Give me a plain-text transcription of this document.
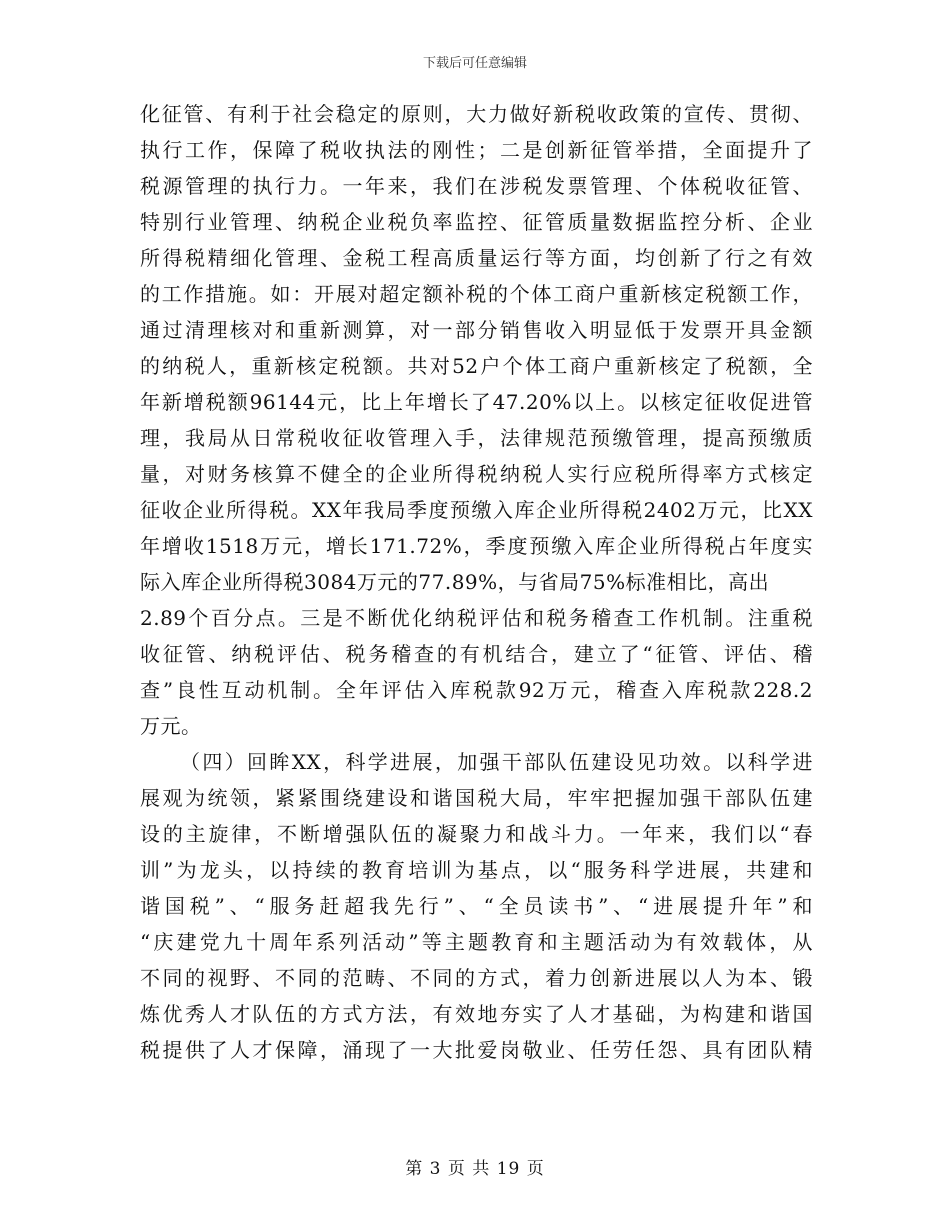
下载后可任意编辑
化征管、有利于社会稳定的原则，大力做好新税收政策的宣传、贯彻、
执行工作，保障了税收执法的刚性；二是创新征管举措，全面提升了
税源管理的执行力。一年来，我们在涉税发票管理、个体税收征管、
特别行业管理、纳税企业税负率监控、征管质量数据监控分析、企业
所得税精细化管理、金税工程高质量运行等方面，均创新了行之有效
的工作措施。如：开展对超定额补税的个体工商户重新核定税额工作，
通过清理核对和重新测算，对一部分销售收入明显低于发票开具金额
的纳税人，重新核定税额。共对52户个体工商户重新核定了税额，全
年新增税额96144元，比上年增长了47.20%以上。以核定征收促进管
理，我局从日常税收征收管理入手，法律规范预缴管理，提高预缴质
量，对财务核算不健全的企业所得税纳税人实行应税所得率方式核定
征收企业所得税。XX年我局季度预缴入库企业所得税2402万元，比XX
年增收1518万元，增长171.72%，季度预缴入库企业所得税占年度实
际入库企业所得税3084万元的77.89%，与省局75%标准相比，高出
2.89个百分点。三是不断优化纳税评估和税务稽查工作机制。注重税
收征管、纳税评估、税务稽查的有机结合，建立了“征管、评估、稽
查”良性互动机制。全年评估入库税款92万元，稽查入库税款228.2
万元。
（四）回眸XX，科学进展，加强干部队伍建设见功效。以科学进
展观为统领，紧紧围绕建设和谐国税大局，牢牢把握加强干部队伍建
设的主旋律，不断增强队伍的凝聚力和战斗力。一年来，我们以“春
训”为龙头，以持续的教育培训为基点，以“服务科学进展，共建和
谐国税”、“服务赶超我先行”、“全员读书”、“进展提升年”和
“庆建党九十周年系列活动”等主题教育和主题活动为有效载体，从
不同的视野、不同的范畴、不同的方式，着力创新进展以人为本、锻
炼优秀人才队伍的方式方法，有效地夯实了人才基础，为构建和谐国
税提供了人才保障，涌现了一大批爱岗敬业、任劳任怨、具有团队精
第 3 页 共 19 页
